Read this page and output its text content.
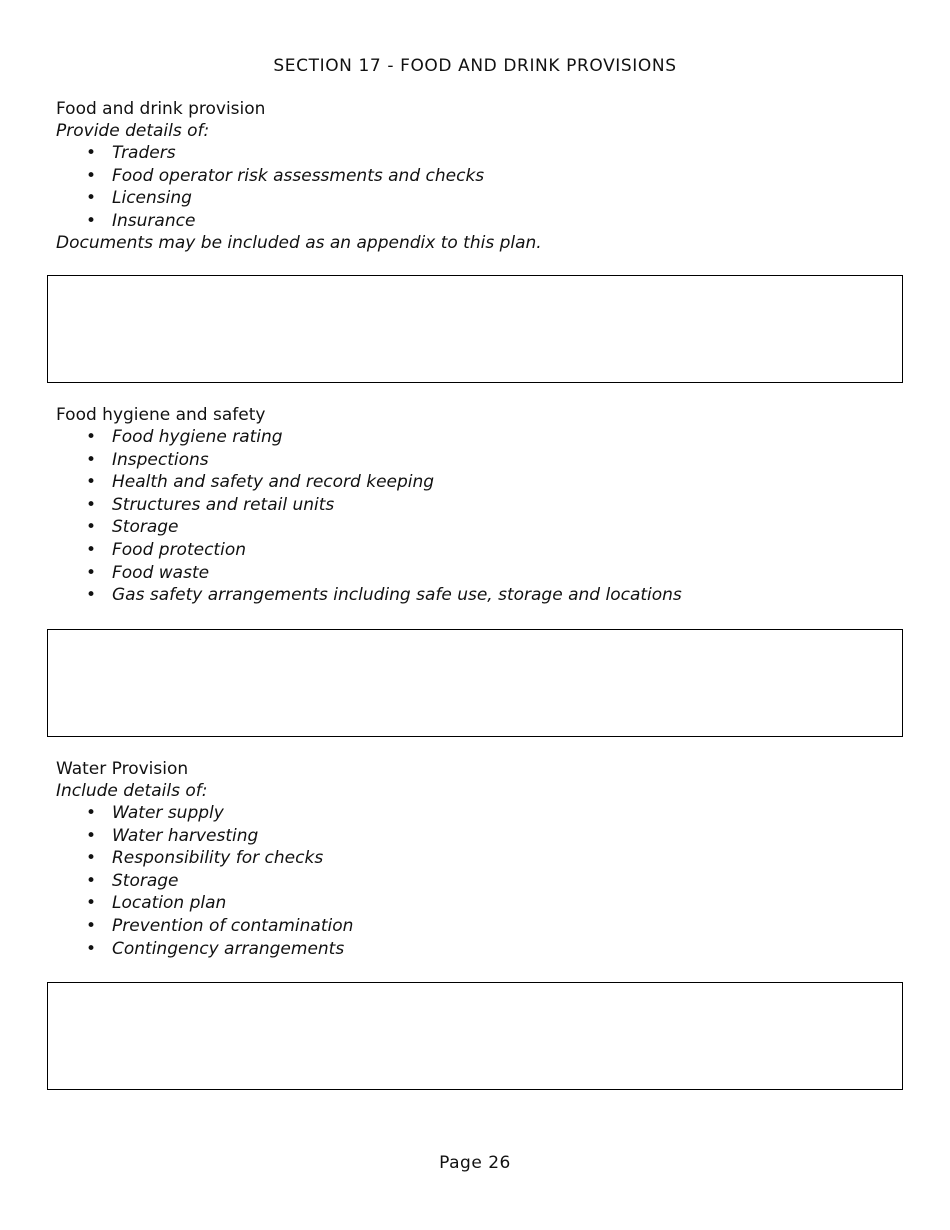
SECTION 17 - FOOD AND DRINK PROVISIONS
Food and drink provision
Provide details of:
• Traders
• Food operator risk assessments and checks
• Licensing
• Insurance
Documents may be included as an appendix to this plan.
Food hygiene and safety
• Food hygiene rating
• Inspections
• Health and safety and record keeping
• Structures and retail units
• Storage
• Food protection
• Food waste
• Gas safety arrangements including safe use, storage and locations
Water Provision
Include details of:
• Water supply
• Water harvesting
• Responsibility for checks
• Storage
• Location plan
• Prevention of contamination
• Contingency arrangements
Page 26
